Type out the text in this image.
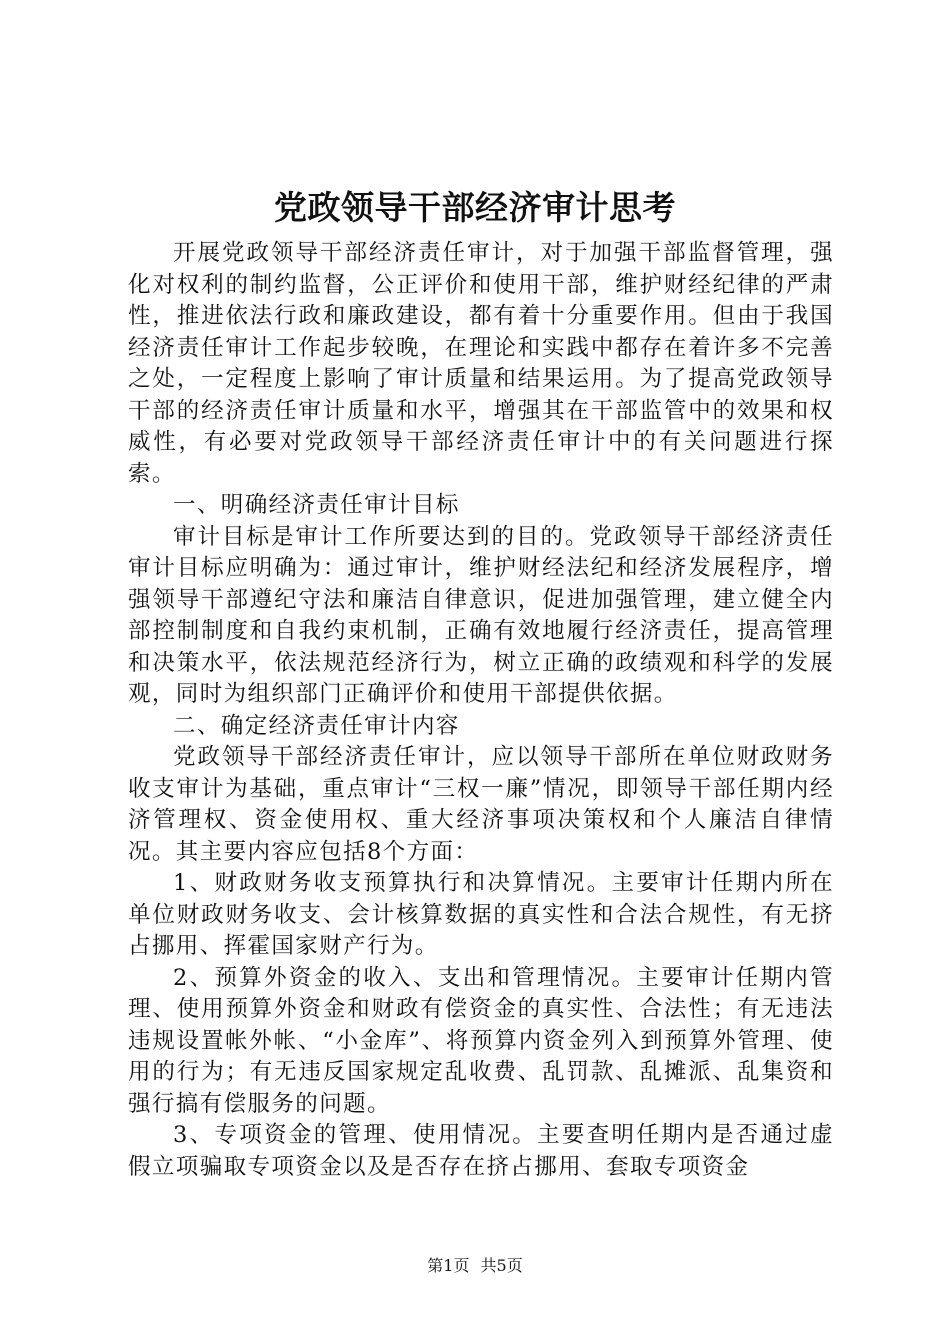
党政领导干部经济审计思考

开展党政领导干部经济责任审计，对于加强干部监督管理，强化对权利的制约监督，公正评价和使用干部，维护财经纪律的严肃性，推进依法行政和廉政建设，都有着十分重要作用。但由于我国经济责任审计工作起步较晚，在理论和实践中都存在着许多不完善之处，一定程度上影响了审计质量和结果运用。为了提高党政领导干部的经济责任审计质量和水平，增强其在干部监管中的效果和权威性，有必要对党政领导干部经济责任审计中的有关问题进行探索。

一、明确经济责任审计目标

审计目标是审计工作所要达到的目的。党政领导干部经济责任审计目标应明确为：通过审计，维护财经法纪和经济发展程序，增强领导干部遵纪守法和廉洁自律意识，促进加强管理，建立健全内部控制制度和自我约束机制，正确有效地履行经济责任，提高管理和决策水平，依法规范经济行为，树立正确的政绩观和科学的发展观，同时为组织部门正确评价和使用干部提供依据。

二、确定经济责任审计内容

党政领导干部经济责任审计，应以领导干部所在单位财政财务收支审计为基础，重点审计“三权一廉”情况，即领导干部任期内经济管理权、资金使用权、重大经济事项决策权和个人廉洁自律情况。其主要内容应包括8个方面：

1、财政财务收支预算执行和决算情况。主要审计任期内所在单位财政财务收支、会计核算数据的真实性和合法合规性，有无挤占挪用、挥霍国家财产行为。

2、预算外资金的收入、支出和管理情况。主要审计任期内管理、使用预算外资金和财政有偿资金的真实性、合法性；有无违法违规设置帐外帐、“小金库”、将预算内资金列入到预算外管理、使用的行为；有无违反国家规定乱收费、乱罚款、乱摊派、乱集资和强行搞有偿服务的问题。

3、专项资金的管理、使用情况。主要查明任期内是否通过虚假立项骗取专项资金以及是否存在挤占挪用、套取专项资金

第1页 共5页
